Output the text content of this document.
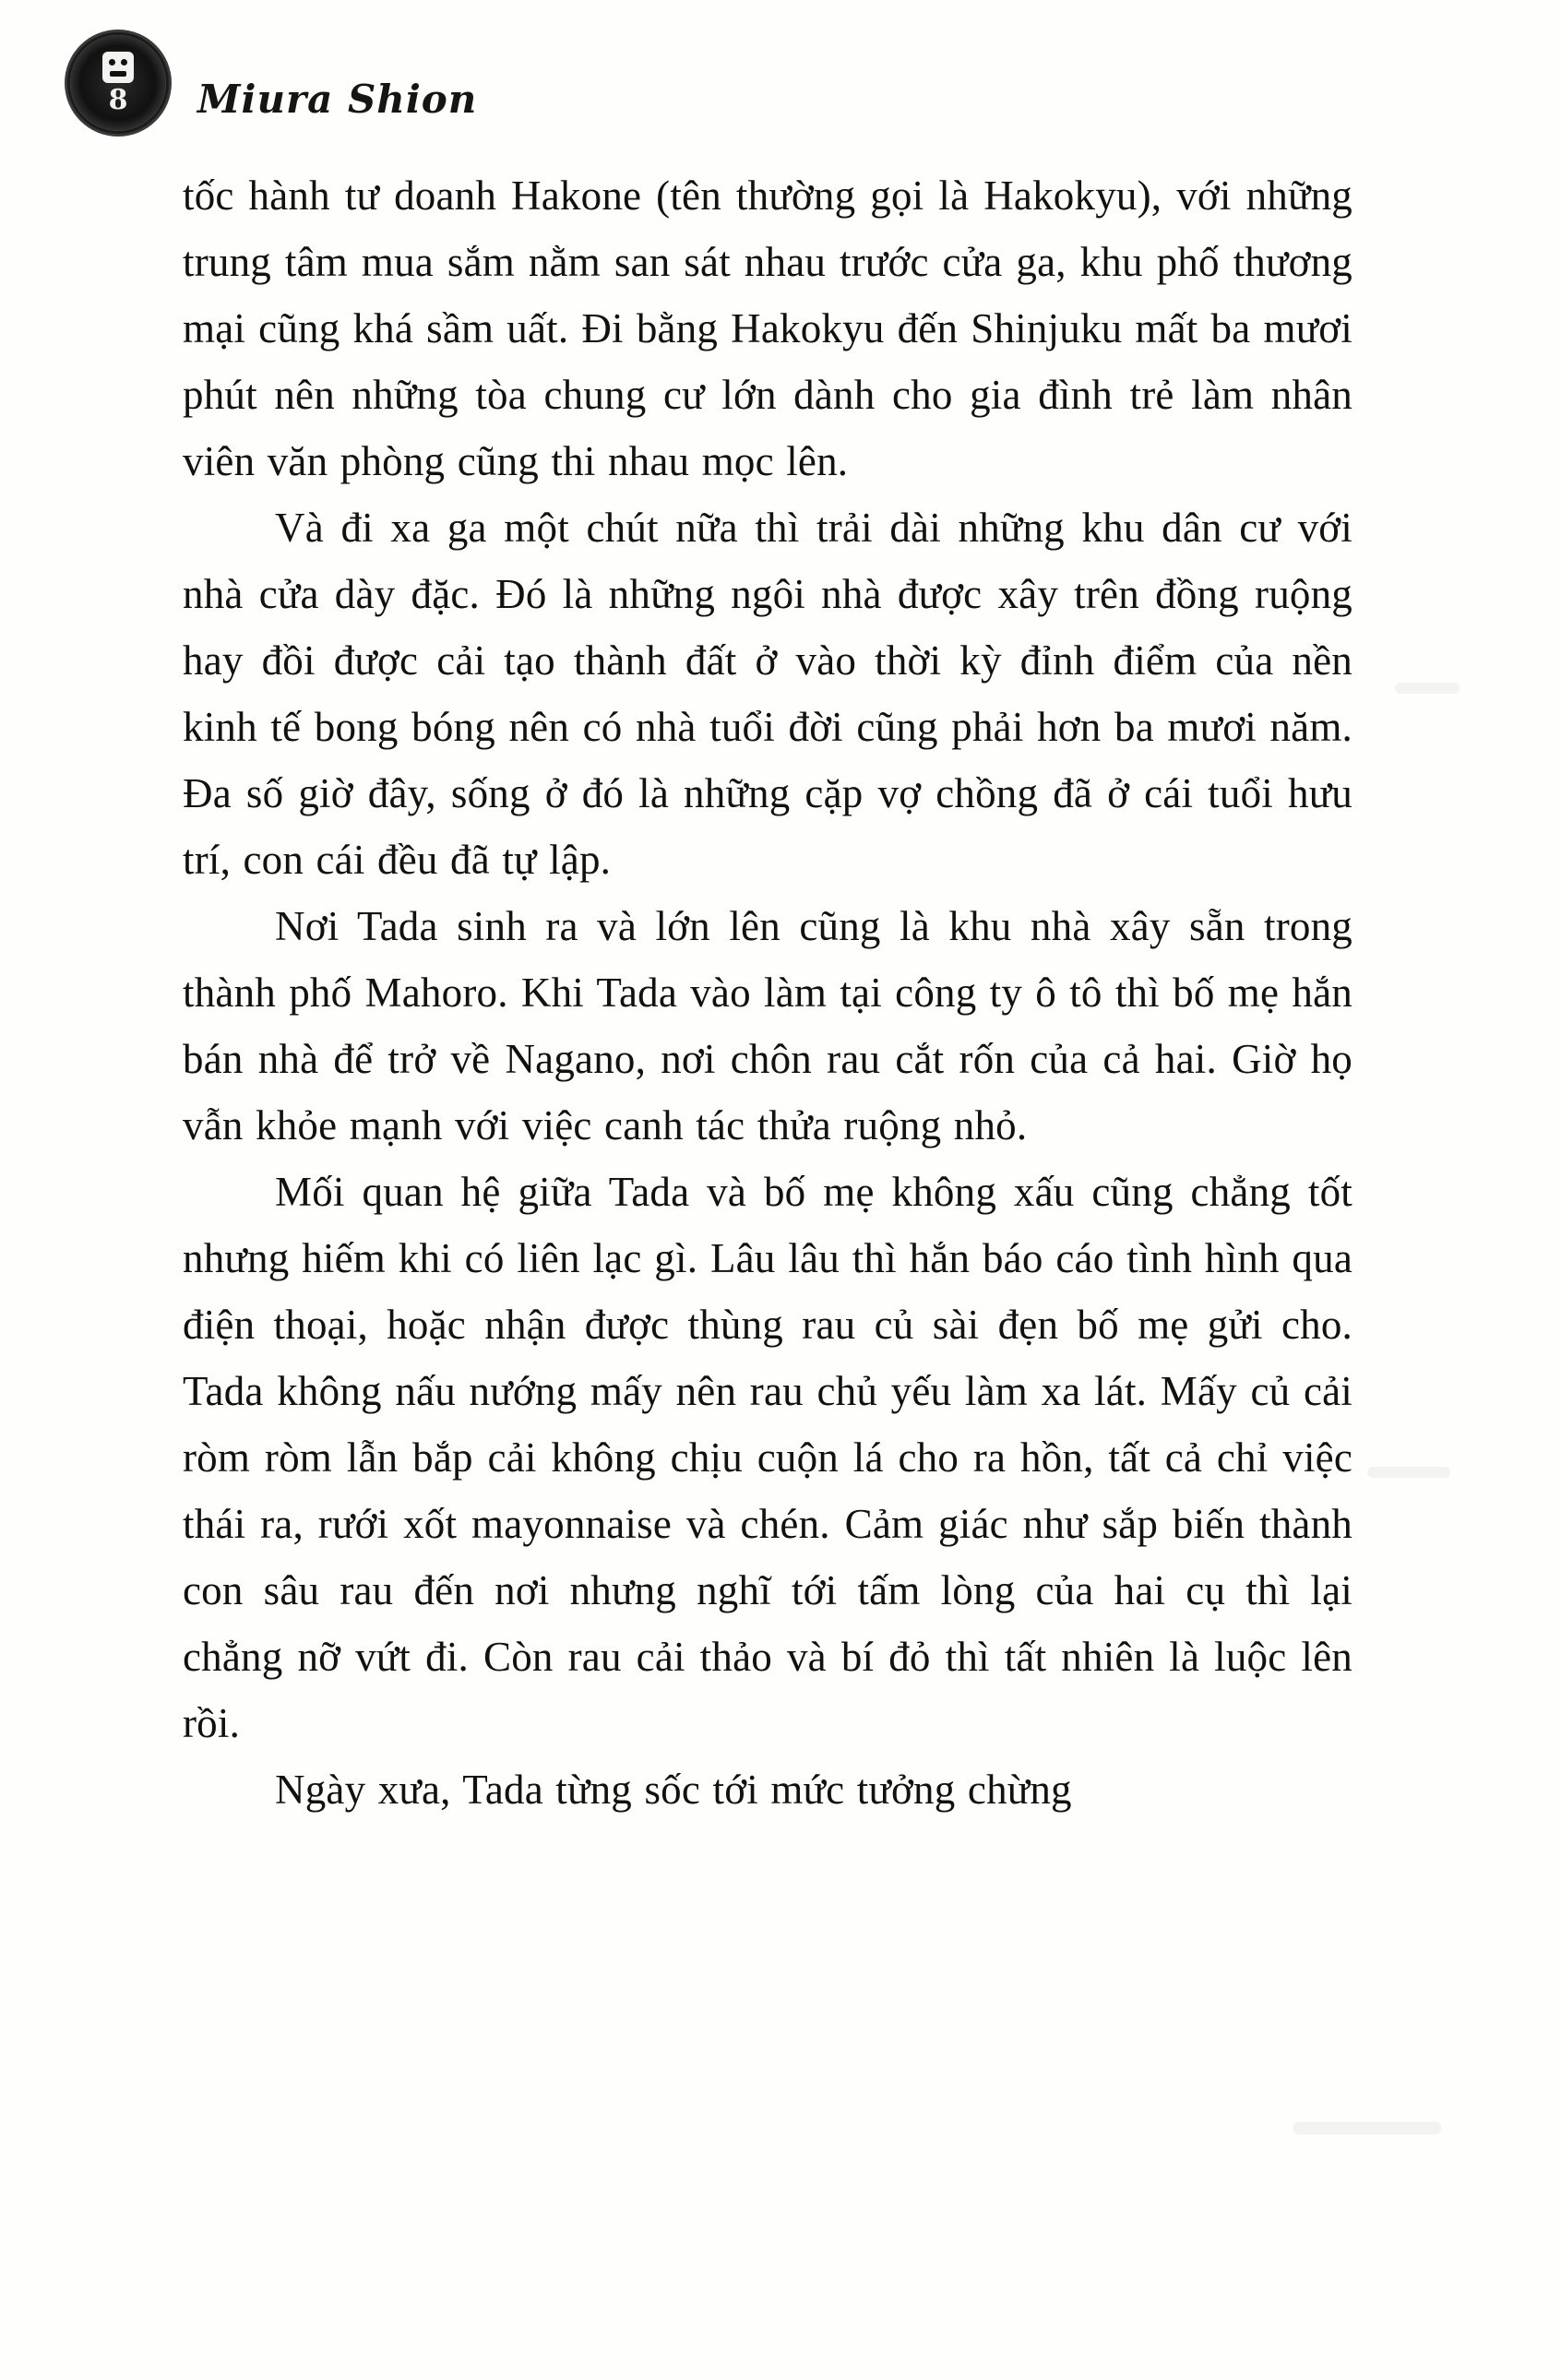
8 Miura Shion

tốc hành tư doanh Hakone (tên thường gọi là Hakokyu), với những trung tâm mua sắm nằm san sát nhau trước cửa ga, khu phố thương mại cũng khá sầm uất. Đi bằng Hakokyu đến Shinjuku mất ba mươi phút nên những tòa chung cư lớn dành cho gia đình trẻ làm nhân viên văn phòng cũng thi nhau mọc lên.

Và đi xa ga một chút nữa thì trải dài những khu dân cư với nhà cửa dày đặc. Đó là những ngôi nhà được xây trên đồng ruộng hay đồi được cải tạo thành đất ở vào thời kỳ đỉnh điểm của nền kinh tế bong bóng nên có nhà tuổi đời cũng phải hơn ba mươi năm. Đa số giờ đây, sống ở đó là những cặp vợ chồng đã ở cái tuổi hưu trí, con cái đều đã tự lập.

Nơi Tada sinh ra và lớn lên cũng là khu nhà xây sẵn trong thành phố Mahoro. Khi Tada vào làm tại công ty ô tô thì bố mẹ hắn bán nhà để trở về Nagano, nơi chôn rau cắt rốn của cả hai. Giờ họ vẫn khỏe mạnh với việc canh tác thửa ruộng nhỏ.

Mối quan hệ giữa Tada và bố mẹ không xấu cũng chẳng tốt nhưng hiếm khi có liên lạc gì. Lâu lâu thì hắn báo cáo tình hình qua điện thoại, hoặc nhận được thùng rau củ sài đẹn bố mẹ gửi cho. Tada không nấu nướng mấy nên rau chủ yếu làm xa lát. Mấy củ cải ròm ròm lẫn bắp cải không chịu cuộn lá cho ra hồn, tất cả chỉ việc thái ra, rưới xốt mayonnaise và chén. Cảm giác như sắp biến thành con sâu rau đến nơi nhưng nghĩ tới tấm lòng của hai cụ thì lại chẳng nỡ vứt đi. Còn rau cải thảo và bí đỏ thì tất nhiên là luộc lên rồi.

Ngày xưa, Tada từng sốc tới mức tưởng chừng
